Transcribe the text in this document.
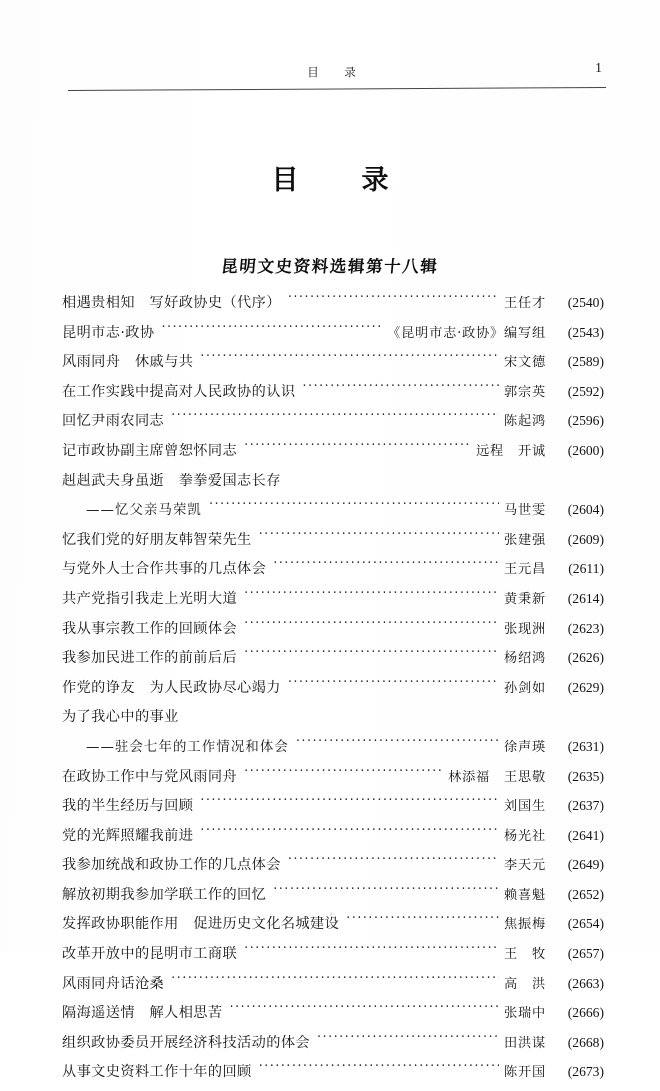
目　录	1
目　录
昆明文史资料选辑第十八辑
相遇贵相知　写好政协史（代序） ·····	王任才	(2540)
昆明市志·政协 ·····	《昆明市志·政协》编写组	(2543)
风雨同舟　休戚与共 ·····	宋文德	(2589)
在工作实践中提高对人民政协的认识 ·····	郭宗英	(2592)
回忆尹雨农同志 ·····	陈起鸿	(2596)
记市政协副主席曾恕怀同志 ·····	远程　开诚	(2600)
赳赳武夫身虽逝　拳拳爱国志长存
——忆父亲马荣凯 ·····	马世雯	(2604)
忆我们党的好朋友韩智荣先生 ·····	张建强	(2609)
与党外人士合作共事的几点体会 ·····	王元昌	(2611)
共产党指引我走上光明大道 ·····	黄秉新	(2614)
我从事宗教工作的回顾体会 ·····	张现洲	(2623)
我参加民进工作的前前后后 ·····	杨绍鸿	(2626)
作党的诤友　为人民政协尽心竭力 ·····	孙剑如	(2629)
为了我心中的事业
——驻会七年的工作情况和体会 ·····	徐声瑛	(2631)
在政协工作中与党风雨同舟 ·····	林添福　王思敬	(2635)
我的半生经历与回顾 ·····	刘国生	(2637)
党的光辉照耀我前进 ·····	杨光社	(2641)
我参加统战和政协工作的几点体会 ·····	李天元	(2649)
解放初期我参加学联工作的回忆 ·····	赖喜魁	(2652)
发挥政协职能作用　促进历史文化名城建设 ·····	焦振梅	(2654)
改革开放中的昆明市工商联 ·····	王　牧	(2657)
风雨同舟话沧桑 ·····	高　洪	(2663)
隔海遥送情　解人相思苦 ·····	张瑞中	(2666)
组织政协委员开展经济科技活动的体会 ·····	田洪谋	(2668)
从事文史资料工作十年的回顾 ·····	陈开国	(2673)
